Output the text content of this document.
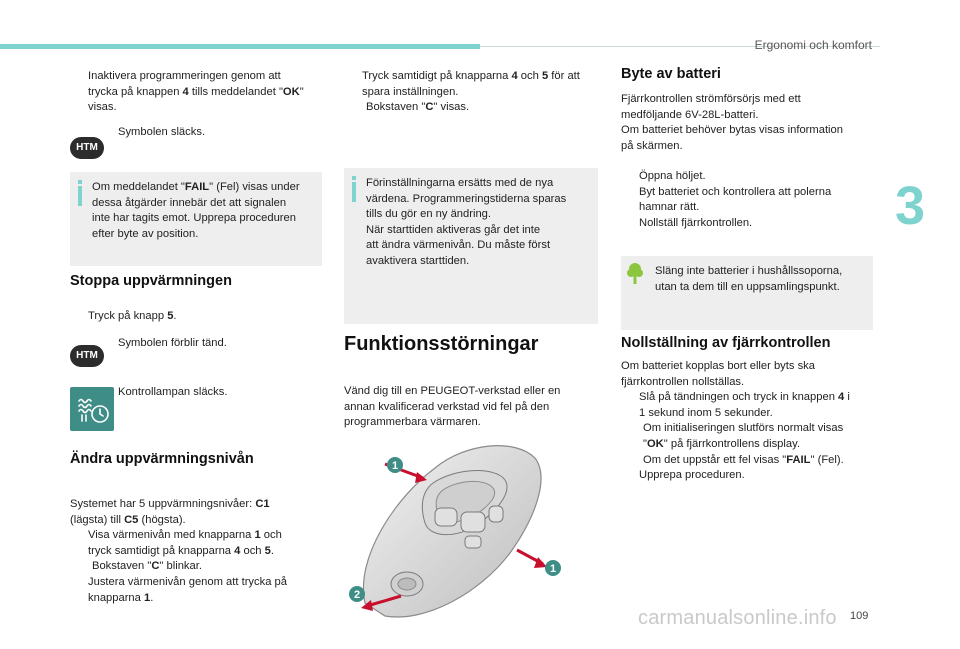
Ergonomi och komfort
3
Inaktivera programmeringen genom att
trycka på knappen 4 tills meddelandet "OK"
visas.
HTM
Symbolen släcks.
Om meddelandet "FAIL" (Fel) visas under
dessa åtgärder innebär det att signalen
inte har tagits emot. Upprepa proceduren
efter byte av position.
Stoppa uppvärmningen
Tryck på knapp 5.
HTM
Symbolen förblir tänd.
Kontrollampan släcks.
Ändra uppvärmningsnivån
Systemet har 5 uppvärmningsnivåer: C1
(lägsta) till C5 (högsta).
Visa värmenivån med knapparna 1 och
tryck samtidigt på knapparna 4 och 5.
Bokstaven "C" blinkar.
Justera värmenivån genom att trycka på
knapparna 1.
Tryck samtidigt på knapparna 4 och 5 för att
spara inställningen.
Bokstaven "C" visas.
Förinställningarna ersätts med de nya
värdena. Programmeringstiderna sparas
tills du gör en ny ändring.
När starttiden aktiveras går det inte
att ändra värmenivån. Du måste först
avaktivera starttiden.
Funktionsstörningar
Vänd dig till en PEUGEOT-verkstad eller en
annan kvalificerad verkstad vid fel på den
programmerbara värmaren.
1
1
2
Byte av batteri
Fjärrkontrollen strömförsörjs med ett
medföljande 6V-28L-batteri.
Om batteriet behöver bytas visas information
på skärmen.
Öppna höljet.
Byt batteriet och kontrollera att polerna
hamnar rätt.
Nollställ fjärrkontrollen.
Släng inte batterier i hushållssoporna,
utan ta dem till en uppsamlingspunkt.
Nollställning av fjärrkontrollen
Om batteriet kopplas bort eller byts ska
fjärrkontrollen nollställas.
Slå på tändningen och tryck in knappen 4 i
1 sekund inom 5 sekunder.
Om initialiseringen slutförs normalt visas
"OK" på fjärrkontrollens display.
Om det uppstår ett fel visas "FAIL" (Fel).
Upprepa proceduren.
109
carmanualsonline.info
